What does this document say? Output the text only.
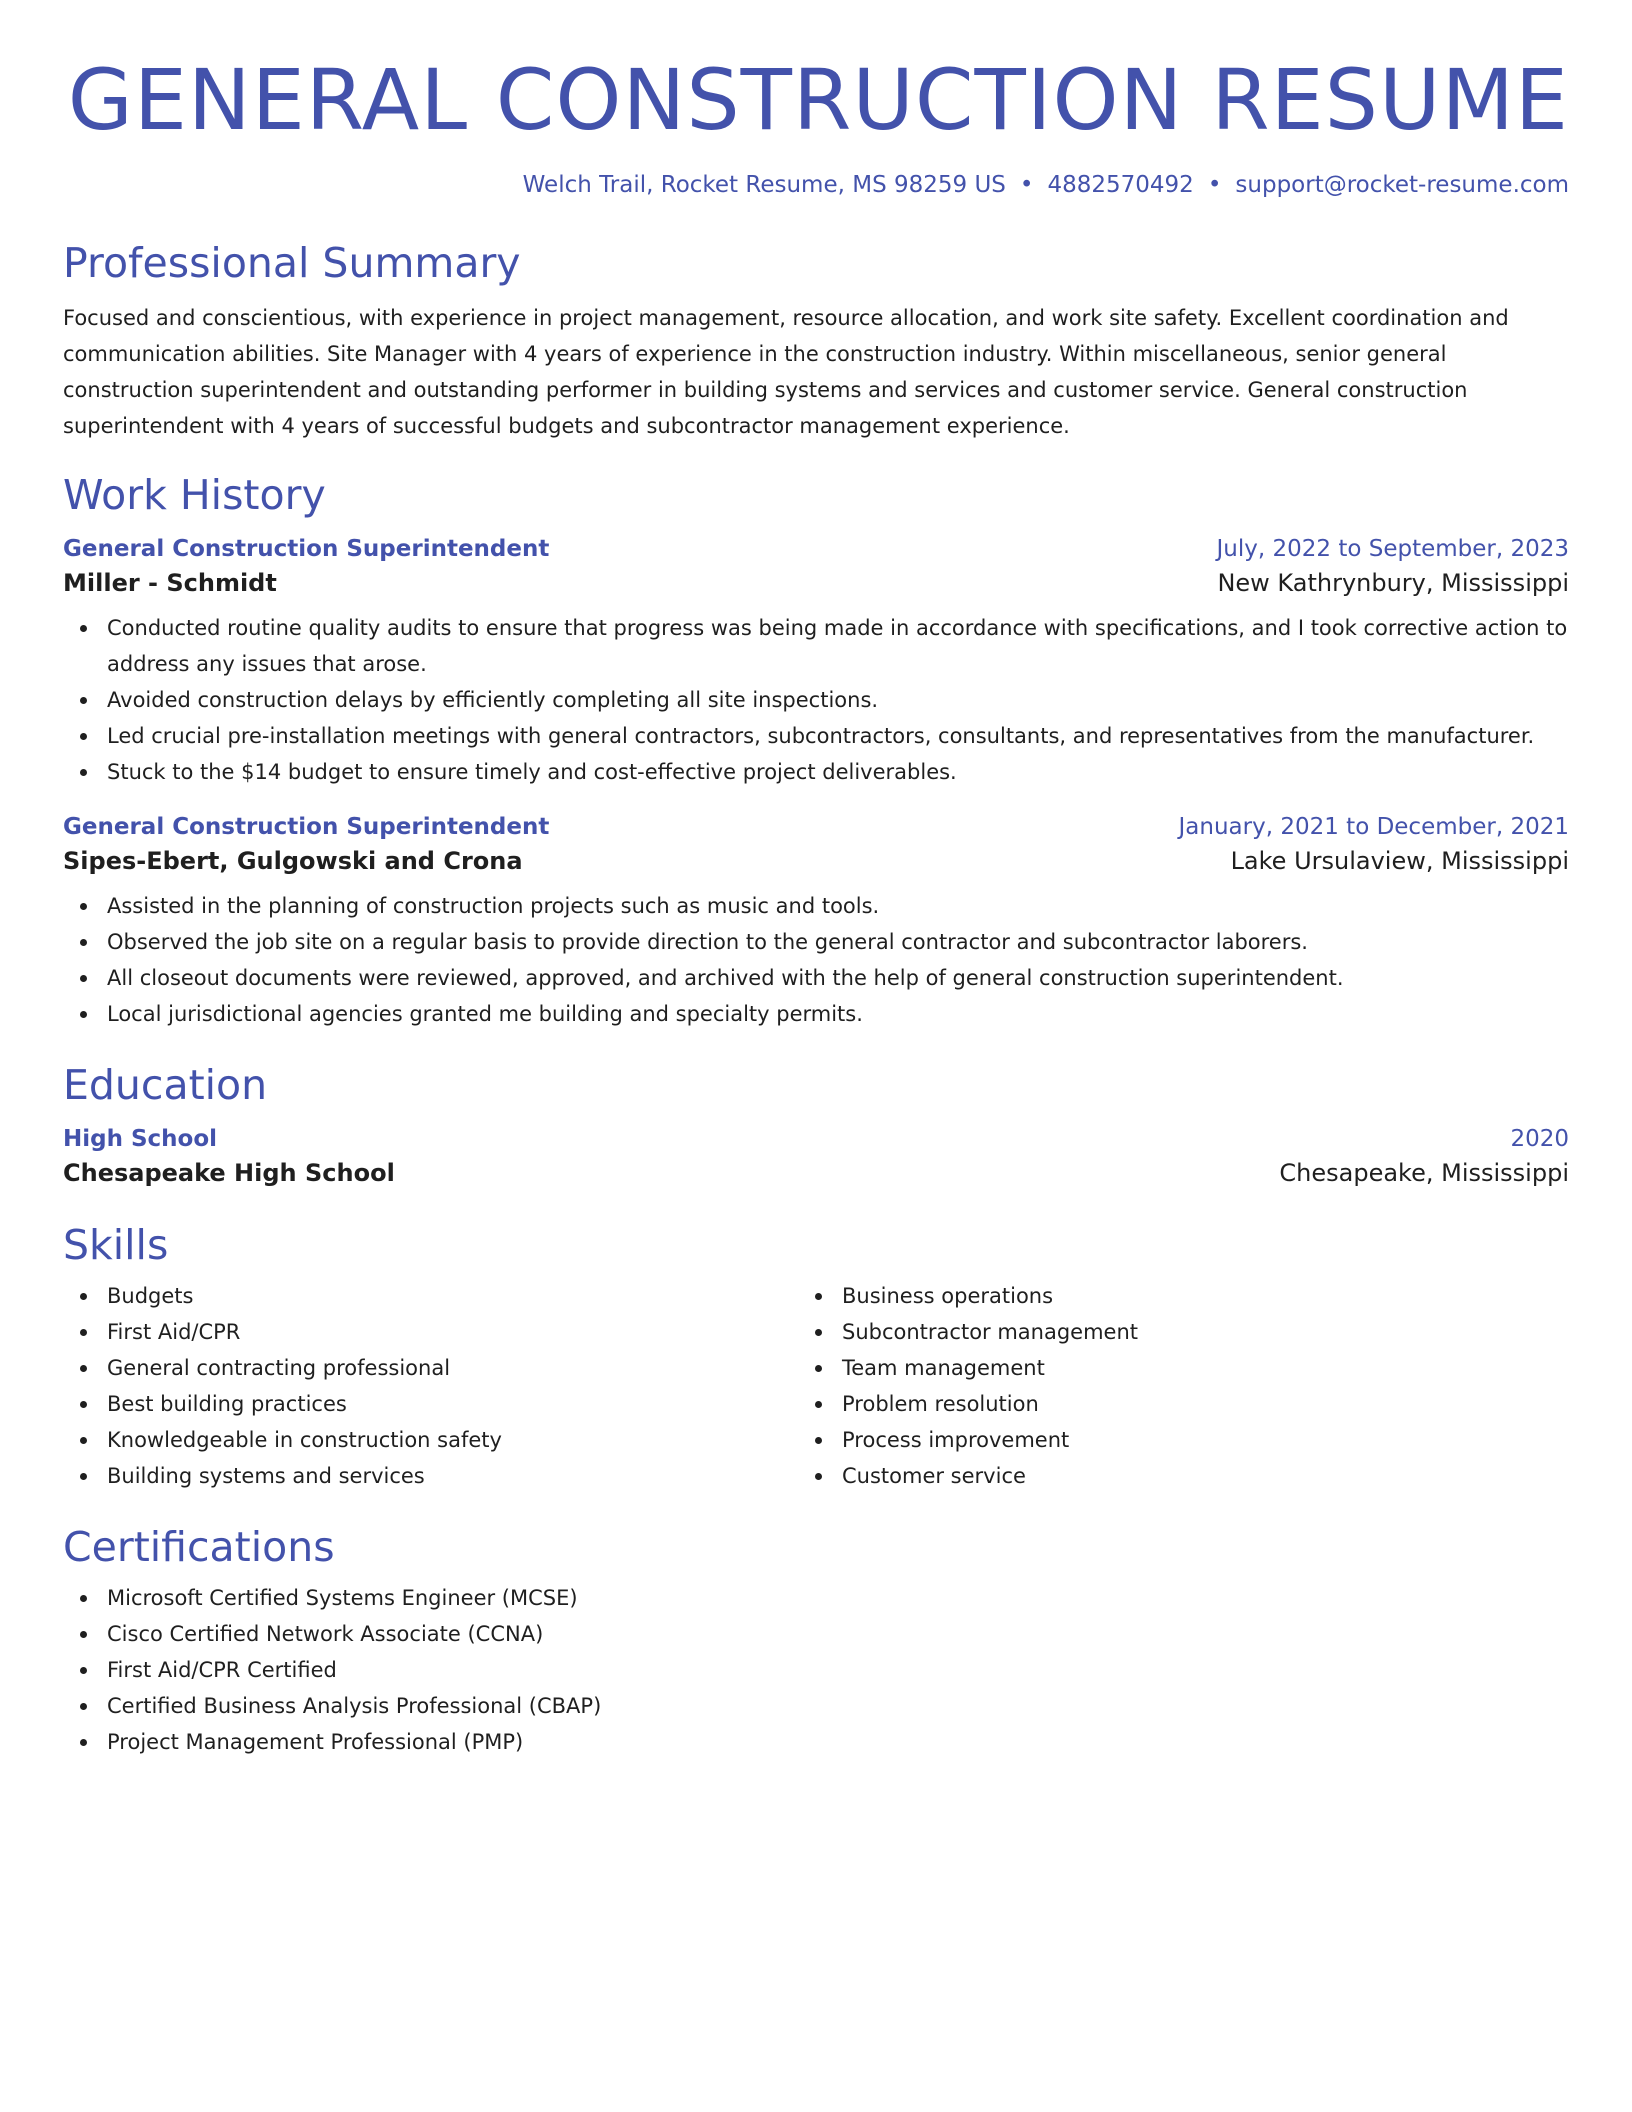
GENERAL CONSTRUCTION RESUME
Welch Trail, Rocket Resume, MS 98259 US • 4882570492 • support@rocket-resume.com
Professional Summary

Focused and conscientious, with experience in project management, resource allocation, and work site safety. Excellent coordination and communication abilities. Site Manager with 4 years of experience in the construction industry. Within miscellaneous, senior general construction superintendent and outstanding performer in building systems and services and customer service. General construction superintendent with 4 years of successful budgets and subcontractor management experience.

Work History
General Construction Superintendent	July, 2022 to September, 2023
Miller - Schmidt	New Kathrynbury, Mississippi
Conducted routine quality audits to ensure that progress was being made in accordance with specifications, and I took corrective action to address any issues that arose.
Avoided construction delays by efficiently completing all site inspections.
Led crucial pre-installation meetings with general contractors, subcontractors, consultants, and representatives from the manufacturer.
Stuck to the $14 budget to ensure timely and cost-effective project deliverables.
General Construction Superintendent	January, 2021 to December, 2021
Sipes-Ebert, Gulgowski and Crona	Lake Ursulaview, Mississippi
Assisted in the planning of construction projects such as music and tools.
Observed the job site on a regular basis to provide direction to the general contractor and subcontractor laborers.
All closeout documents were reviewed, approved, and archived with the help of general construction superintendent.
Local jurisdictional agencies granted me building and specialty permits.
Education
High School	2020
Chesapeake High School	Chesapeake, Mississippi
Skills
Budgets
First Aid/CPR
General contracting professional
Best building practices
Knowledgeable in construction safety
Building systems and services
Business operations
Subcontractor management
Team management
Problem resolution
Process improvement
Customer service
Certifications
Microsoft Certified Systems Engineer (MCSE)
Cisco Certified Network Associate (CCNA)
First Aid/CPR Certified
Certified Business Analysis Professional (CBAP)
Project Management Professional (PMP)
